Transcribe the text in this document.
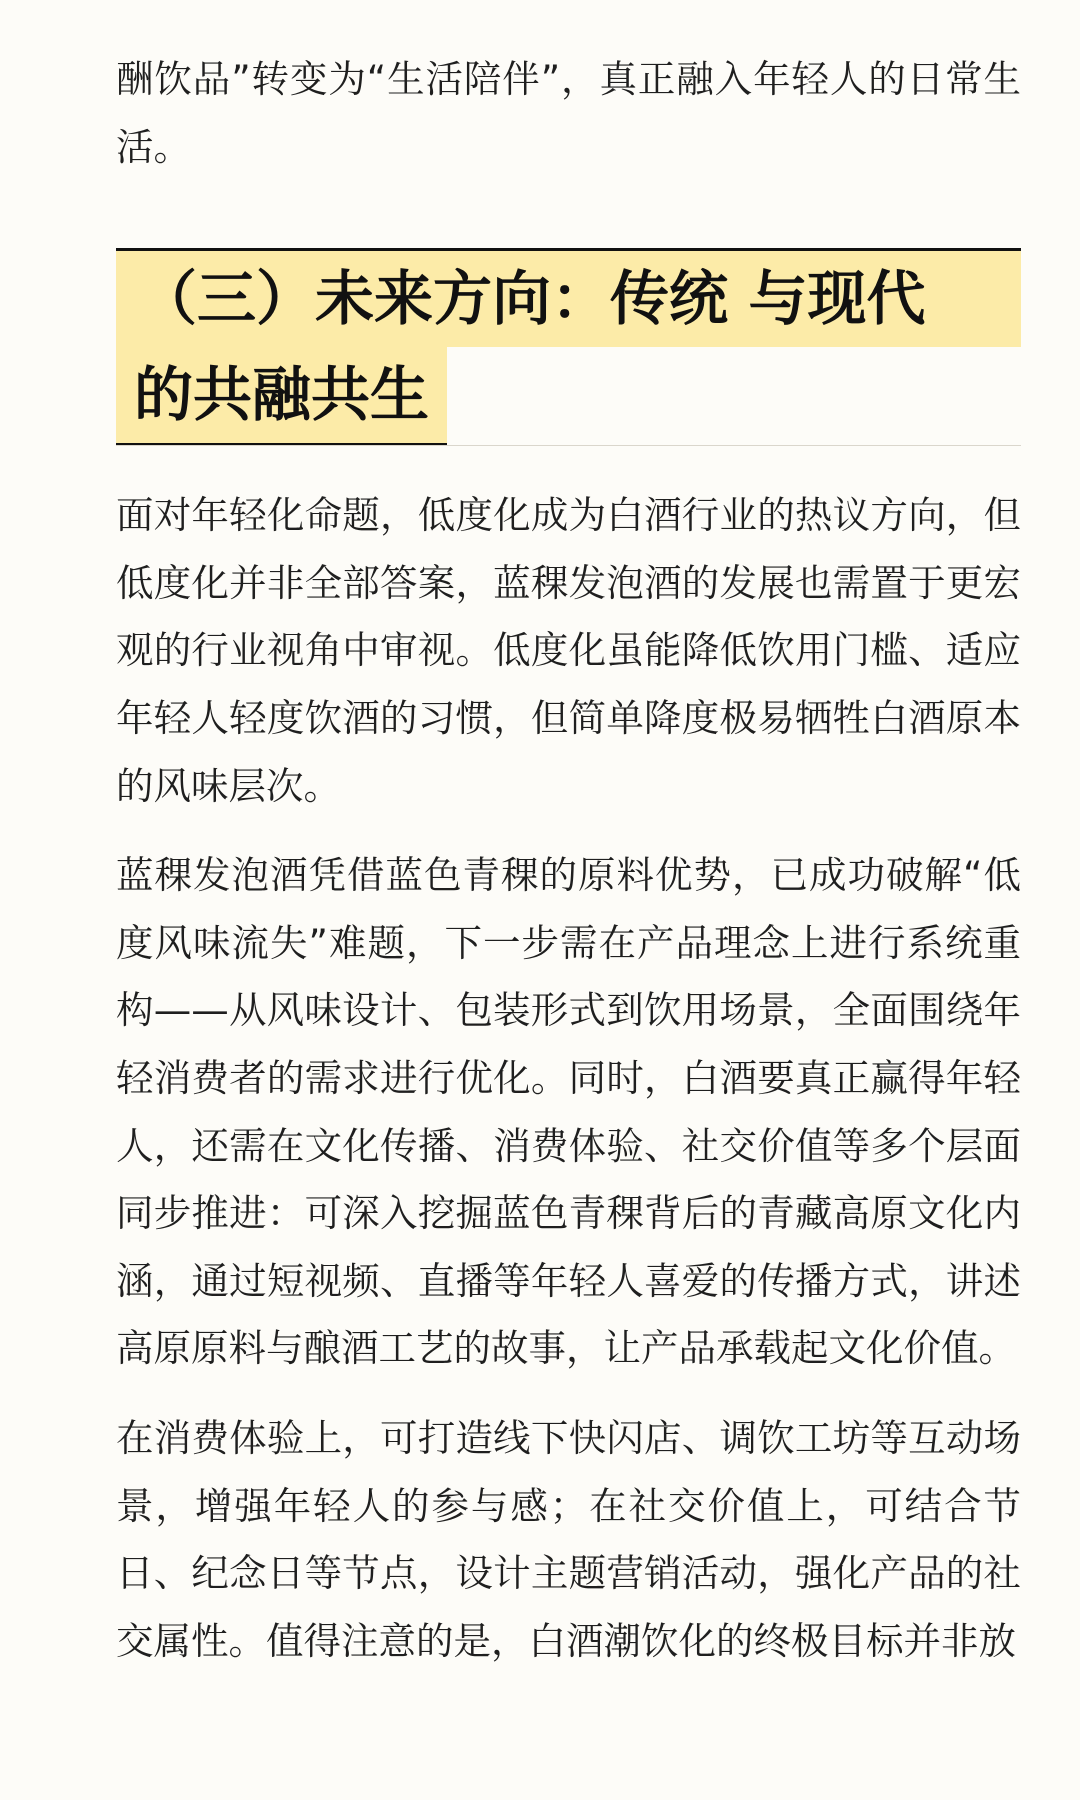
酬饮品”转变为“生活陪伴”，真正融入年轻人的日常生活。

（三）未来方向：传统 与现代
的共融共生

面对年轻化命题，低度化成为白酒行业的热议方向，但低度化并非全部答案，蓝稞发泡酒的发展也需置于更宏观的行业视角中审视。低度化虽能降低饮用门槛、适应年轻人轻度饮酒的习惯，但简单降度极易牺牲白酒原本的风味层次。

蓝稞发泡酒凭借蓝色青稞的原料优势，已成功破解“低度风味流失”难题，下一步需在产品理念上进行系统重构——从风味设计、包装形式到饮用场景，全面围绕年轻消费者的需求进行优化。同时，白酒要真正赢得年轻人，还需在文化传播、消费体验、社交价值等多个层面同步推进：可深入挖掘蓝色青稞背后的青藏高原文化内涵，通过短视频、直播等年轻人喜爱的传播方式，讲述高原原料与酿酒工艺的故事，让产品承载起文化价值。

在消费体验上，可打造线下快闪店、调饮工坊等互动场景，增强年轻人的参与感；在社交价值上，可结合节日、纪念日等节点，设计主题营销活动，强化产品的社交属性。值得注意的是，白酒潮饮化的终极目标并非放
